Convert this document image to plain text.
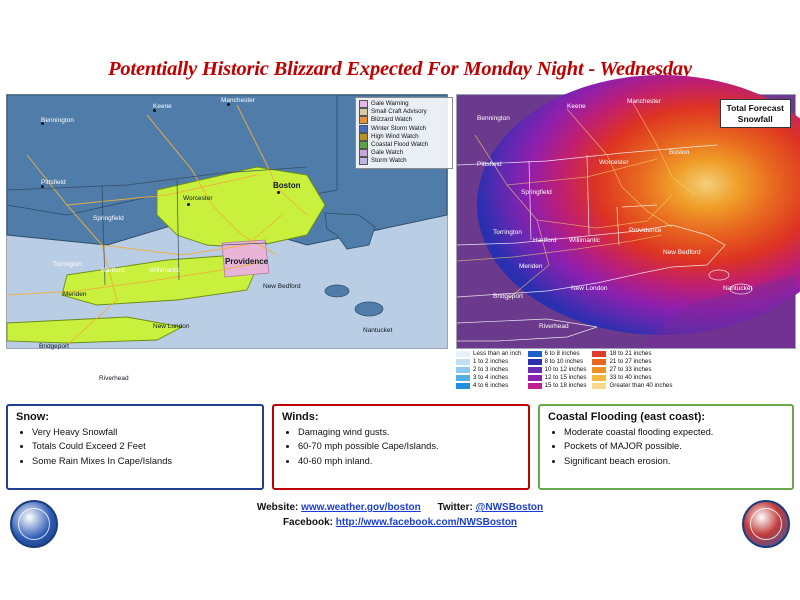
Potentially Historic Blizzard Expected For Monday Night - Wednesday
Bennington
Keene
Manchester
Pittsfield
Worcester
Boston
Springfield
Torrington
Hartford	Willimantic
Providence
Meriden
New Bedford
New London
Bridgeport
Nantucket
Riverhead
Gale Warning
Small Craft Advisory
Blizzard Watch
Winter Storm Watch
High Wind Watch
Coastal Flood Watch
Gale Watch
Storm Watch
Keene
Manchester
Bennington
Pittsfield	Worcester
Boston
Springfield
Torrington
Hartford Willimantic
Providence
Meriden
New Bedford
New London
Bridgeport
Nantucket
Riverhead
Total Forecast
Snowfall
Less than an inch
1 to 2 inches
2 to 3 inches
3 to 4 inches
4 to 6 inches
6 to 8 inches
8 to 10 inches
10 to 12 inches
12 to 15 inches
15 to 18 inches
18 to 21 inches
21 to 27 inches
27 to 33 inches
33 to 40 inches
Greater than 40 inches
Snow:
• Very Heavy Snowfall
• Totals Could Exceed 2 Feet
• Some Rain Mixes In Cape/Islands
Winds:
• Damaging wind gusts.
• 60-70 mph possible Cape/Islands.
• 40-60 mph inland.
Coastal Flooding (east coast):
• Moderate coastal flooding expected.
• Pockets of MAJOR possible.
• Significant beach erosion.
Website: www.weather.gov/boston Twitter: @NWSBoston
Facebook: http://www.facebook.com/NWSBoston
